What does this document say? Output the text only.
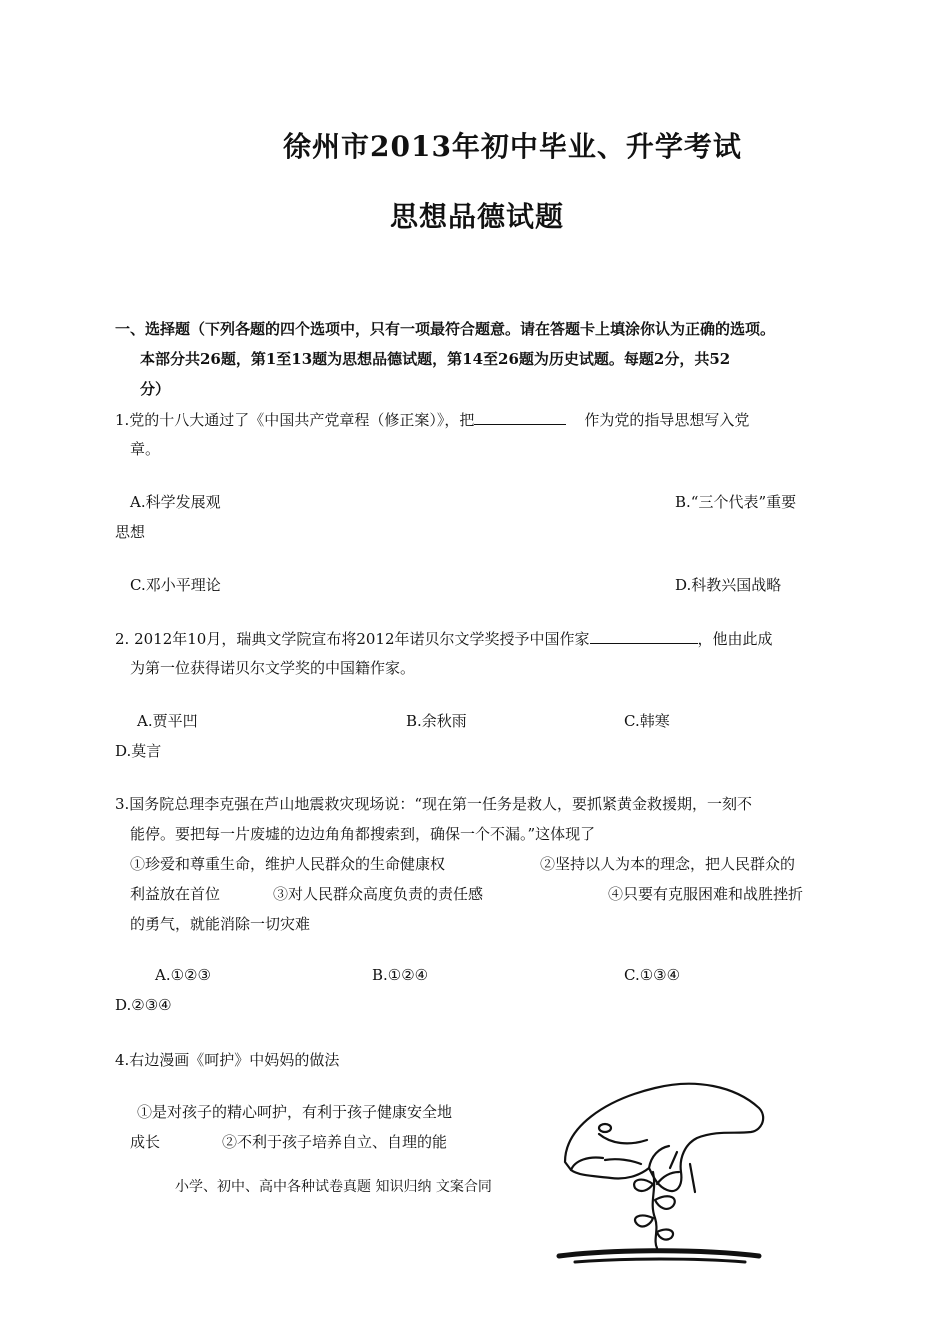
徐州市2013年初中毕业、升学考试
思想品德试题
一、选择题（下列各题的四个选项中，只有一项最符合题意。请在答题卡上填涂你认为正确的选项。
本部分共26题，第1至13题为思想品德试题，第14至26题为历史试题。每题2分，共52
分）
1.党的十八大通过了《中国共产党章程（修正案）》，把	作为党的指导思想写入党
章。
A.科学发展观	B.“三个代表”重要
思想
C.邓小平理论	D.科教兴国战略
2. 2012年10月，瑞典文学院宣布将2012年诺贝尔文学奖授予中国作家	，他由此成
为第一位获得诺贝尔文学奖的中国籍作家。
A.贾平凹	B.余秋雨	C.韩寒
D.莫言
3.国务院总理李克强在芦山地震救灾现场说：“现在第一任务是救人，要抓紧黄金救援期，一刻不
能停。要把每一片废墟的边边角角都搜索到，确保一个不漏。”这体现了
①珍爱和尊重生命，维护人民群众的生命健康权	②坚持以人为本的理念，把人民群众的
利益放在首位	③对人民群众高度负责的责任感	④只要有克服困难和战胜挫折
的勇气，就能消除一切灾难
A.①②③	B.①②④	C.①③④
D.②③④
4.右边漫画《呵护》中妈妈的做法
①是对孩子的精心呵护，有利于孩子健康安全地
成长	②不利于孩子培养自立、自理的能
小学、初中、高中各种试卷真题 知识归纳 文案合同
